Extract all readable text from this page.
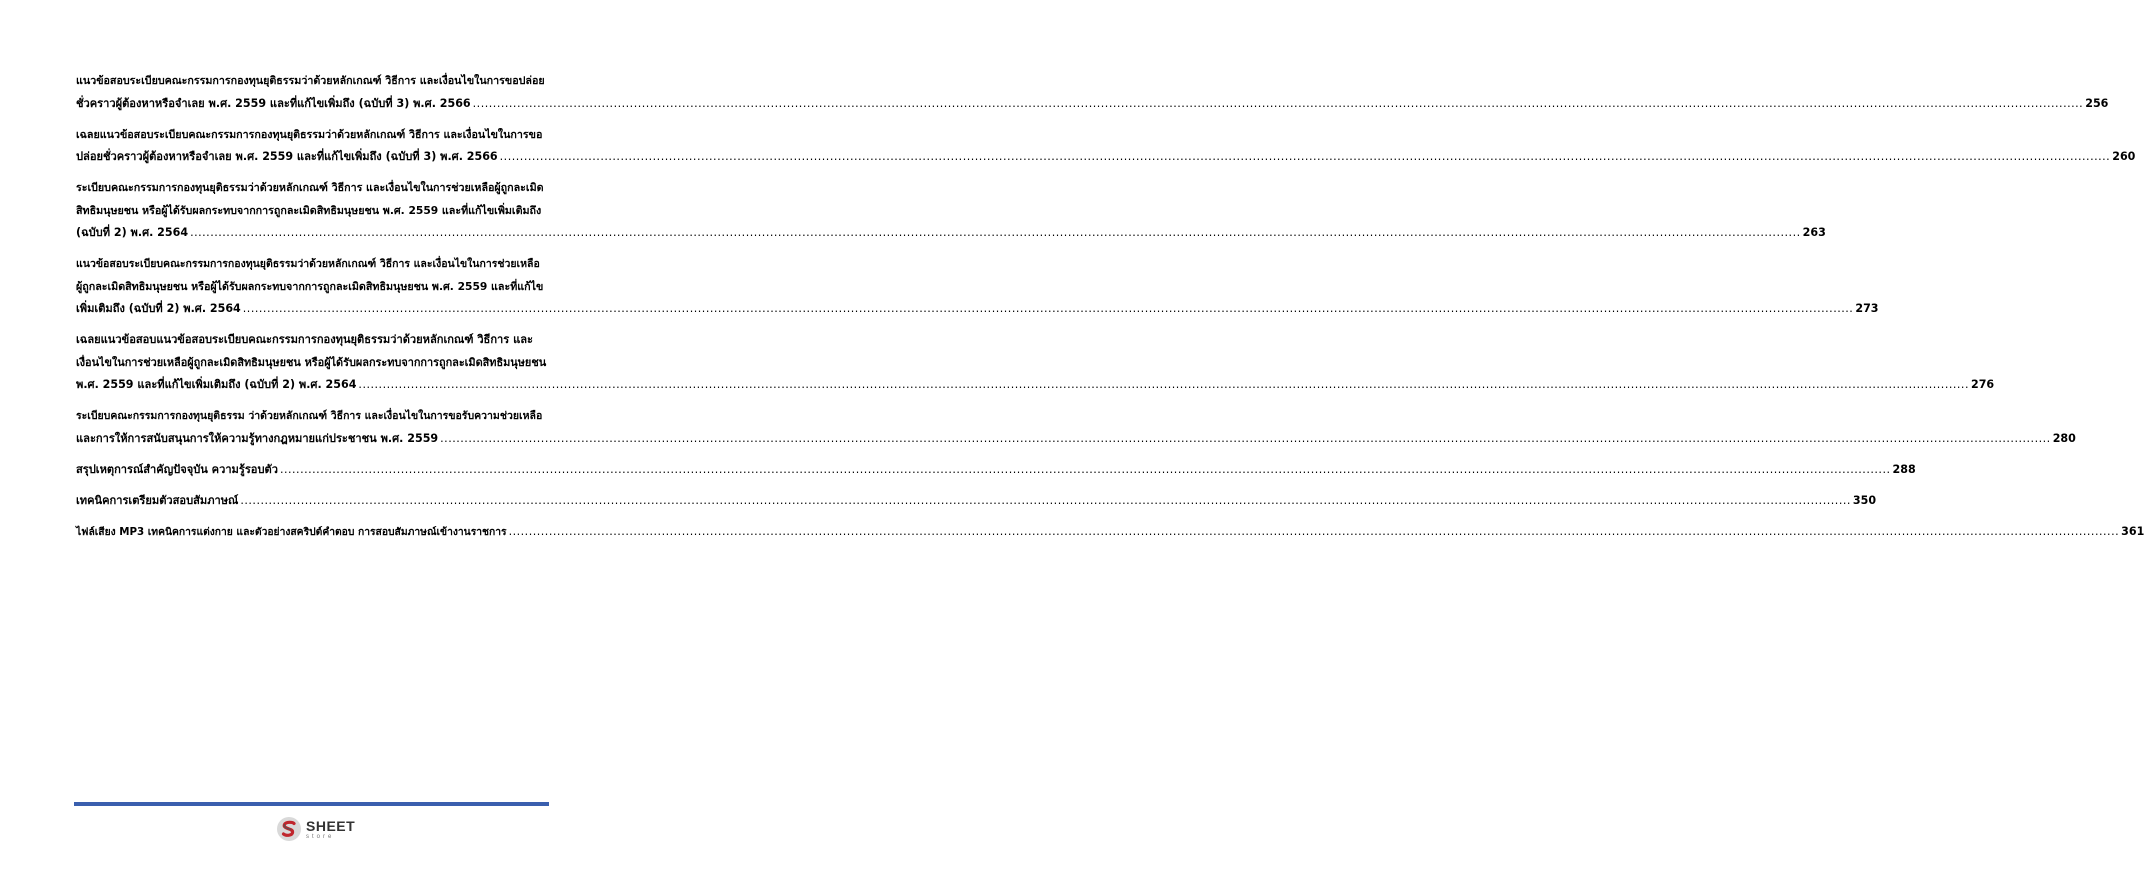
แนวข้อสอบระเบียบคณะกรรมการกองทุนยุติธรรมว่าด้วยหลักเกณฑ์ วิธีการ และเงื่อนไขในการขอปล่อย
ชั่วคราวผู้ต้องหาหรือจำเลย พ.ศ. 2559 และที่แก้ไขเพิ่มถึง (ฉบับที่ 3) พ.ศ. 2566 ................................................................................................................................................................................................................................................................................................................................................................................................................ 256
เฉลยแนวข้อสอบระเบียบคณะกรรมการกองทุนยุติธรรมว่าด้วยหลักเกณฑ์ วิธีการ และเงื่อนไขในการขอ
ปล่อยชั่วคราวผู้ต้องหาหรือจำเลย พ.ศ. 2559 และที่แก้ไขเพิ่มถึง (ฉบับที่ 3) พ.ศ. 2566 ................................................................................................................................................................................................................................................................................................................................................................................................................ 260
ระเบียบคณะกรรมการกองทุนยุติธรรมว่าด้วยหลักเกณฑ์ วิธีการ และเงื่อนไขในการช่วยเหลือผู้ถูกละเมิด
สิทธิมนุษยชน หรือผู้ได้รับผลกระทบจากการถูกละเมิดสิทธิมนุษยชน พ.ศ. 2559 และที่แก้ไขเพิ่มเติมถึง
(ฉบับที่ 2) พ.ศ. 2564 ................................................................................................................................................................................................................................................................................................................................................................................................................ 263
แนวข้อสอบระเบียบคณะกรรมการกองทุนยุติธรรมว่าด้วยหลักเกณฑ์ วิธีการ และเงื่อนไขในการช่วยเหลือ
ผู้ถูกละเมิดสิทธิมนุษยชน หรือผู้ได้รับผลกระทบจากการถูกละเมิดสิทธิมนุษยชน พ.ศ. 2559 และที่แก้ไข
เพิ่มเติมถึง (ฉบับที่ 2) พ.ศ. 2564 ................................................................................................................................................................................................................................................................................................................................................................................................................ 273
เฉลยแนวข้อสอบแนวข้อสอบระเบียบคณะกรรมการกองทุนยุติธรรมว่าด้วยหลักเกณฑ์ วิธีการ และ
เงื่อนไขในการช่วยเหลือผู้ถูกละเมิดสิทธิมนุษยชน หรือผู้ได้รับผลกระทบจากการถูกละเมิดสิทธิมนุษยชน
พ.ศ. 2559 และที่แก้ไขเพิ่มเติมถึง (ฉบับที่ 2) พ.ศ. 2564 ................................................................................................................................................................................................................................................................................................................................................................................................................ 276
ระเบียบคณะกรรมการกองทุนยุติธรรม ว่าด้วยหลักเกณฑ์ วิธีการ และเงื่อนไขในการขอรับความช่วยเหลือ
และการให้การสนับสนุนการให้ความรู้ทางกฎหมายแก่ประชาชน พ.ศ. 2559 ................................................................................................................................................................................................................................................................................................................................................................................................................ 280
สรุปเหตุการณ์สำคัญปัจจุบัน ความรู้รอบตัว ................................................................................................................................................................................................................................................................................................................................................................................................................ 288
เทคนิคการเตรียมตัวสอบสัมภาษณ์ ................................................................................................................................................................................................................................................................................................................................................................................................................ 350
ไฟล์เสียง MP3 เทคนิคการแต่งกาย และตัวอย่างสคริปต์คำตอบ การสอบสัมภาษณ์เข้างานราชการ ................................................................................................................................................................................................................................................................................................................................................................................................................ 361
SHEET
store
